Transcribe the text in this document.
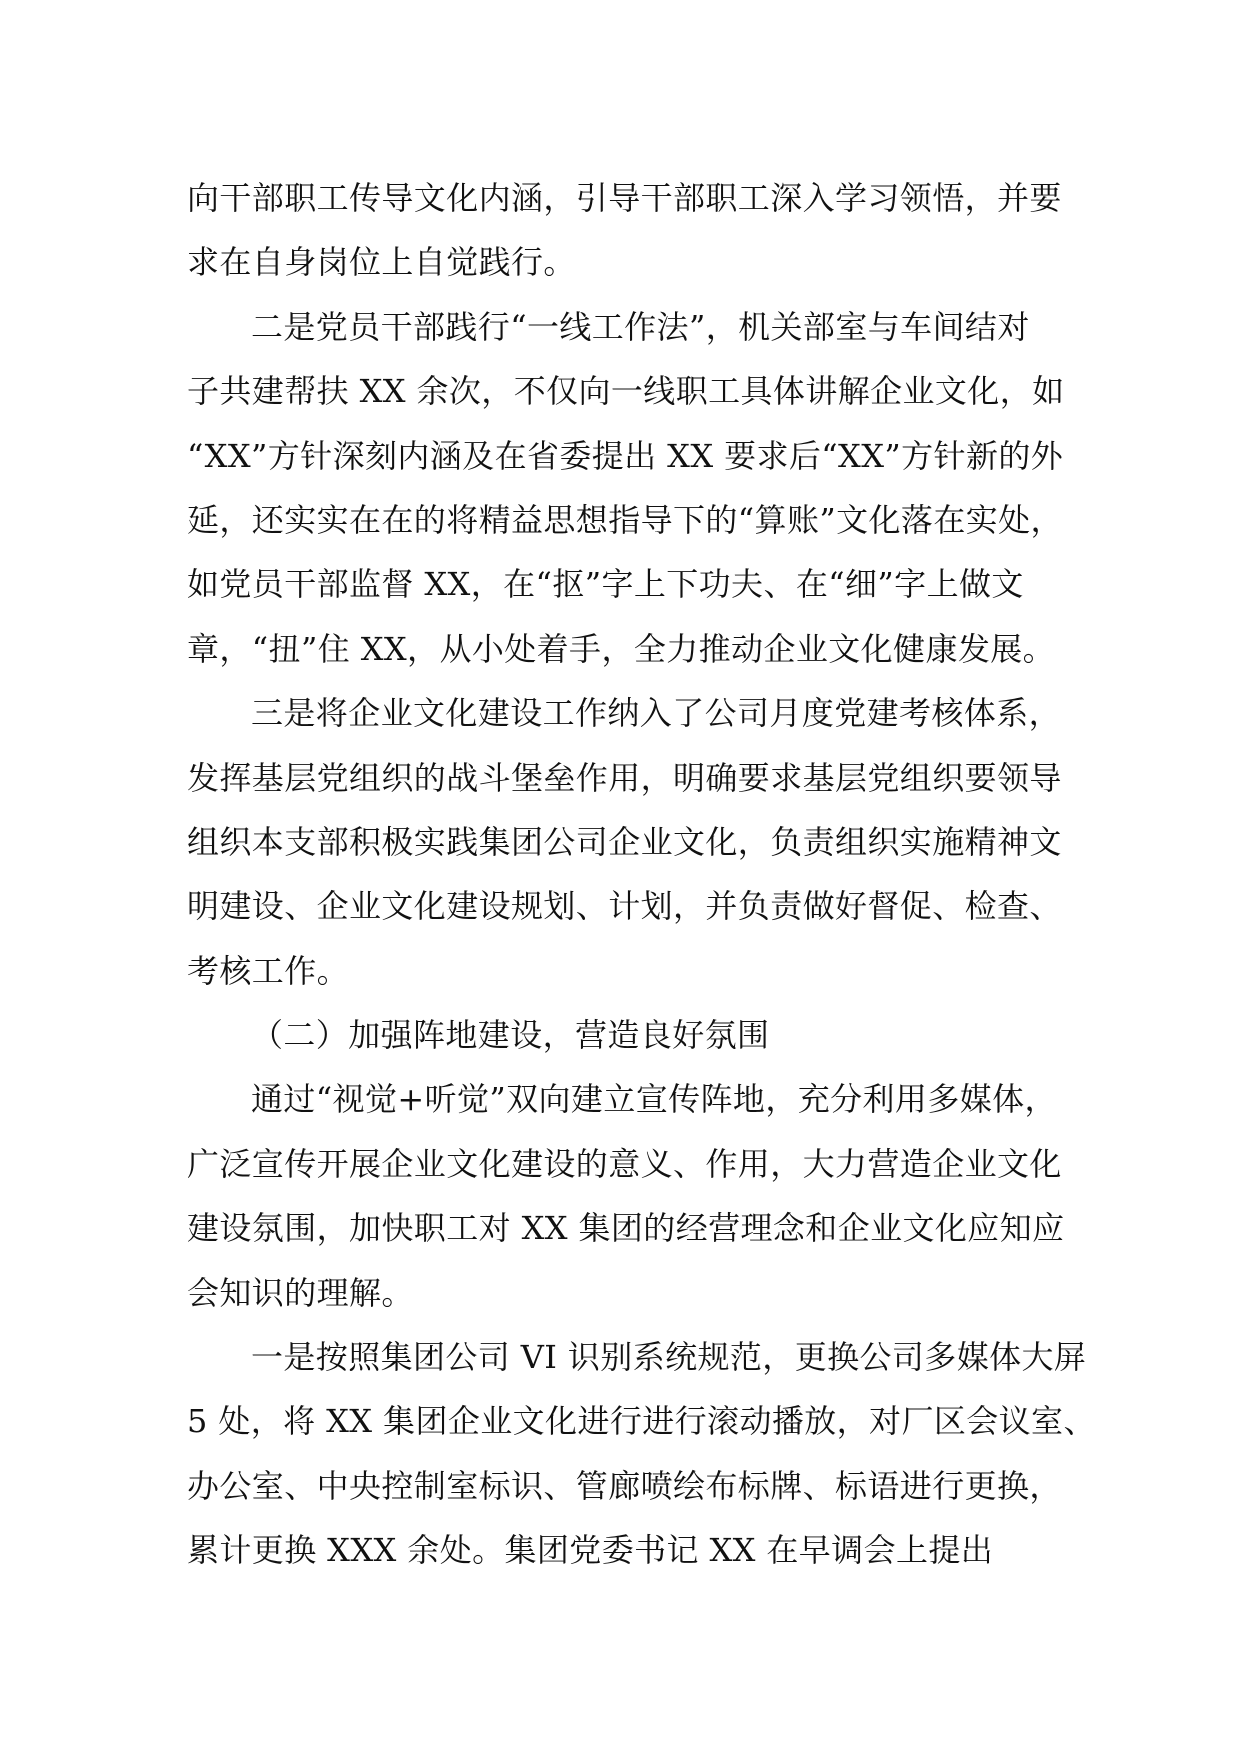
向干部职工传导文化内涵，引导干部职工深入学习领悟，并要
求在自身岗位上自觉践行。
二是党员干部践行“一线工作法”，机关部室与车间结对
子共建帮扶 XX 余次，不仅向一线职工具体讲解企业文化，如
“XX”方针深刻内涵及在省委提出 XX 要求后“XX”方针新的外
延，还实实在在的将精益思想指导下的“算账”文化落在实处，
如党员干部监督 XX，在“抠”字上下功夫、在“细”字上做文
章，“扭”住 XX，从小处着手，全力推动企业文化健康发展。
三是将企业文化建设工作纳入了公司月度党建考核体系，
发挥基层党组织的战斗堡垒作用，明确要求基层党组织要领导
组织本支部积极实践集团公司企业文化，负责组织实施精神文
明建设、企业文化建设规划、计划，并负责做好督促、检查、
考核工作。
（二）加强阵地建设，营造良好氛围
通过“视觉+听觉”双向建立宣传阵地，充分利用多媒体，
广泛宣传开展企业文化建设的意义、作用，大力营造企业文化
建设氛围，加快职工对 XX 集团的经营理念和企业文化应知应
会知识的理解。
一是按照集团公司 VI 识别系统规范，更换公司多媒体大屏
5 处，将 XX 集团企业文化进行进行滚动播放，对厂区会议室、
办公室、中央控制室标识、管廊喷绘布标牌、标语进行更换，
累计更换 XXX 余处。集团党委书记 XX 在早调会上提出
